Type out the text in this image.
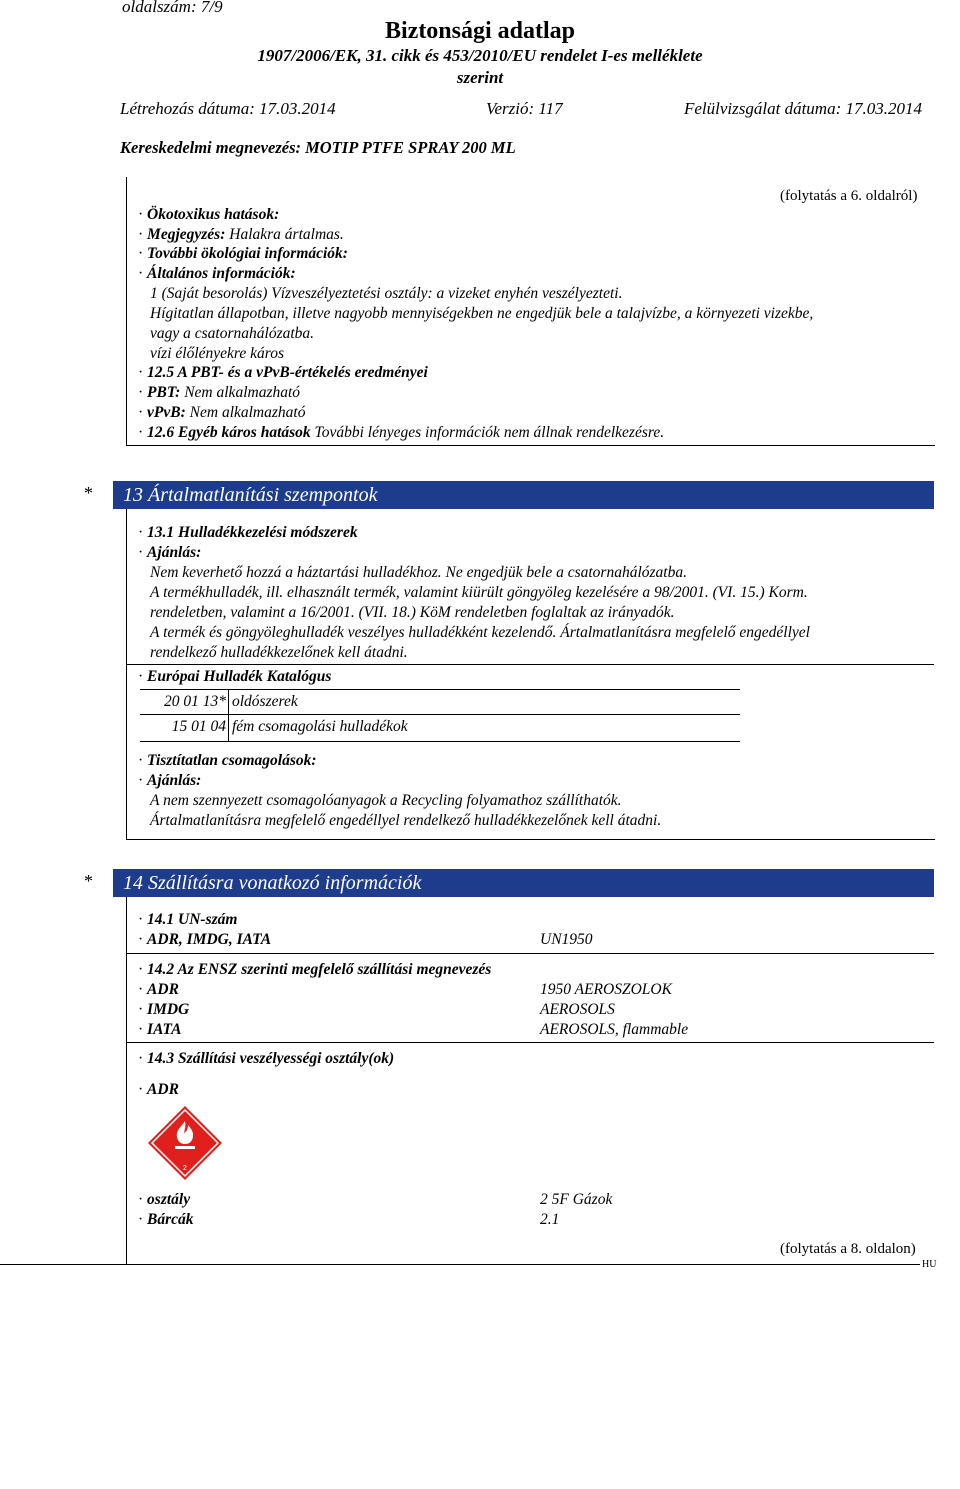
oldalszám: 7/9
Biztonsági adatlap
1907/2006/EK, 31. cikk és 453/2010/EU rendelet I-es melléklete
szerint
Létrehozás dátuma: 17.03.2014	Verzió: 117	Felülvizsgálat dátuma: 17.03.2014
Kereskedelmi megnevezés: MOTIP PTFE SPRAY 200 ML
(folytatás a 6. oldalról)
· Ökotoxikus hatások:
· Megjegyzés: Halakra ártalmas.
· További ökológiai információk:
· Általános információk:
1 (Saját besorolás) Vízveszélyeztetési osztály: a vizeket enyhén veszélyezteti.
Hígitatlan állapotban, illetve nagyobb mennyiségekben ne engedjük bele a talajvízbe, a környezeti vizekbe,
vagy a csatornahálózatba.
vízi élőlényekre káros
· 12.5 A PBT- és a vPvB-értékelés eredményei
· PBT: Nem alkalmazható
· vPvB: Nem alkalmazható
· 12.6 Egyéb káros hatások További lényeges információk nem állnak rendelkezésre.
*	13 Ártalmatlanítási szempontok
· 13.1 Hulladékkezelési módszerek
· Ajánlás:
Nem keverhető hozzá a háztartási hulladékhoz. Ne engedjük bele a csatornahálózatba.
A termékhulladék, ill. elhasznált termék, valamint kiürült göngyöleg kezelésére a 98/2001. (VI. 15.) Korm.
rendeletben, valamint a 16/2001. (VII. 18.) KöM rendeletben foglaltak az irányadók.
A termék és göngyöleghulladék veszélyes hulladékként kezelendő. Ártalmatlanításra megfelelő engedéllyel
rendelkező hulladékkezelőnek kell átadni.
· Európai Hulladék Katalógus
20 01 13* oldószerek
15 01 04 fém csomagolási hulladékok
· Tisztítatlan csomagolások:
· Ajánlás:
A nem szennyezett csomagolóanyagok a Recycling folyamathoz szállíthatók.
Ártalmatlanításra megfelelő engedéllyel rendelkező hulladékkezelőnek kell átadni.
*	14 Szállításra vonatkozó információk
· 14.1 UN-szám
· ADR, IMDG, IATA	UN1950
· 14.2 Az ENSZ szerinti megfelelő szállítási megnevezés
· ADR	1950 AEROSZOLOK
· IMDG	AEROSOLS
· IATA	AEROSOLS, flammable
· 14.3 Szállítási veszélyességi osztály(ok)
· ADR
2
· osztály	2 5F Gázok
· Bárcák	2.1
(folytatás a 8. oldalon)
HU
